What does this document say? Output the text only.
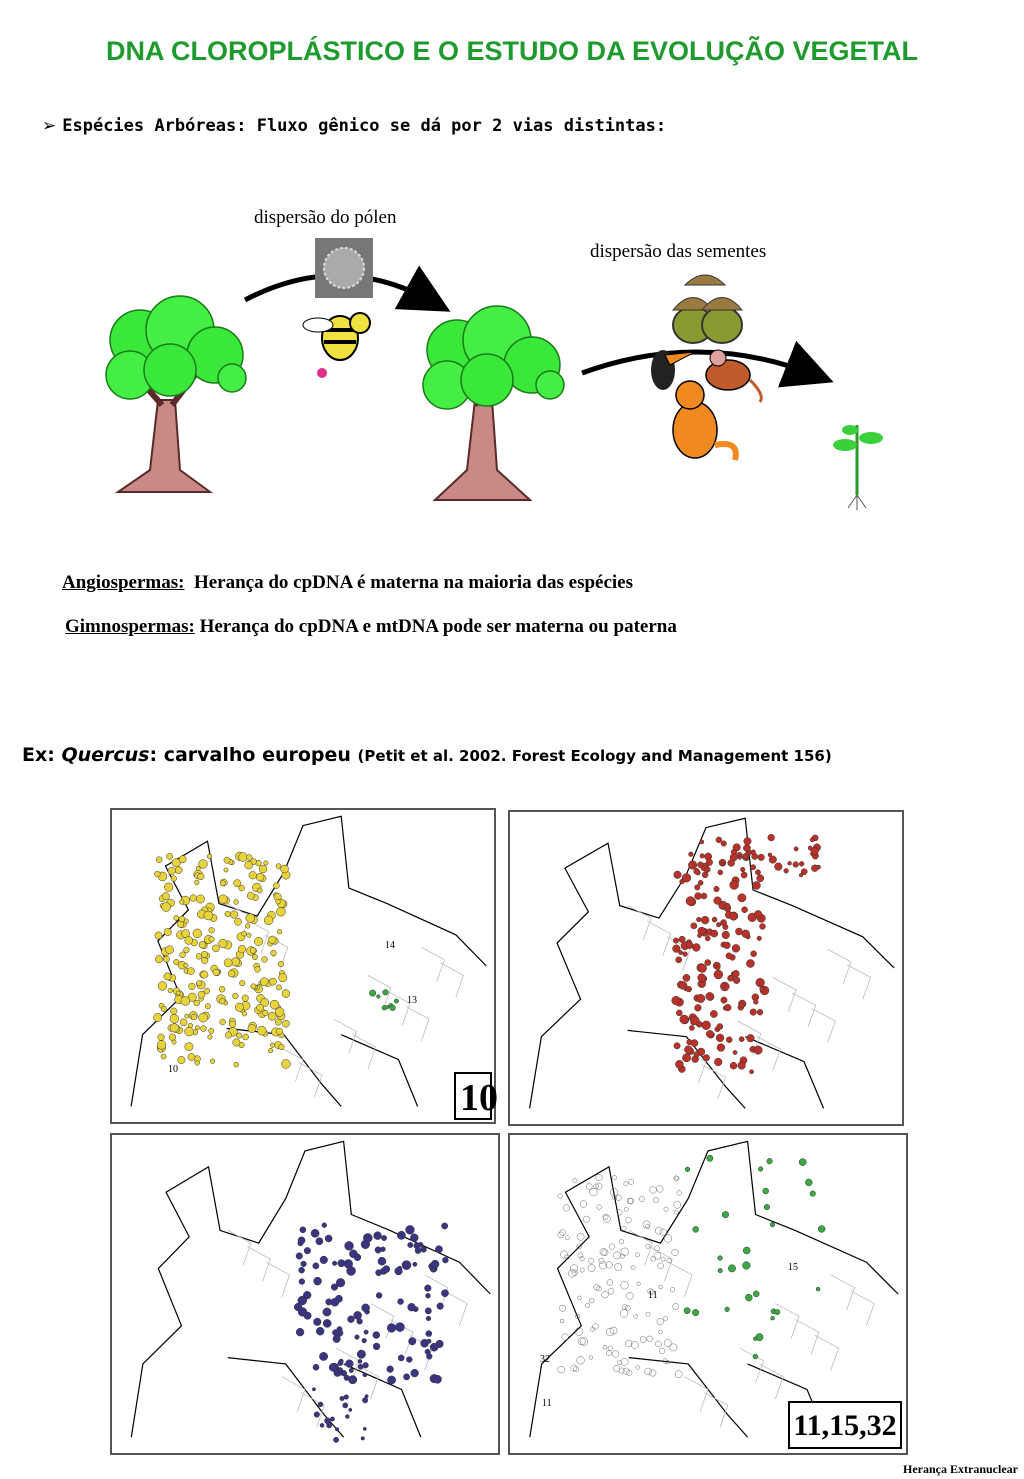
DNA CLOROPLÁSTICO E O ESTUDO DA EVOLUÇÃO VEGETAL
➢ Espécies Arbóreas: Fluxo gênico se dá por 2 vias distintas:
dispersão do pólen
dispersão das sementes
Angiospermas: Herança do cpDNA é materna na maioria das espécies
Gimnospermas: Herança do cpDNA e mtDNA pode ser materna ou paterna
Ex: Quercus: carvalho europeu (Petit et al. 2002. Forest Ecology and Management 156)
14
13
10
10
11
15
32
11
11,15,32
Herança Extranuclear
